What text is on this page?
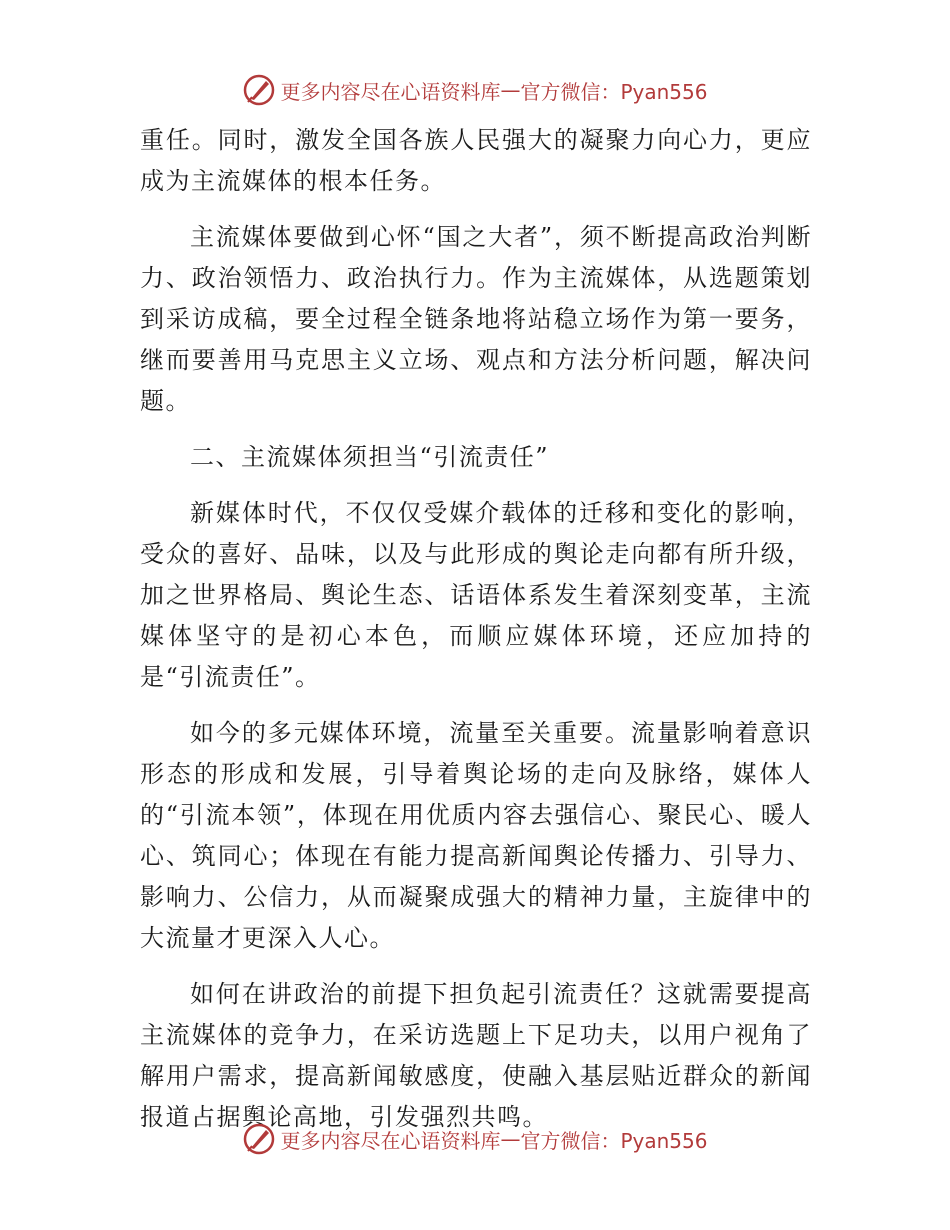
更多内容尽在心语资料库 — 官方微信：Pyan556

重任。同时，激发全国各族人民强大的凝聚力向心力，更应成为主流媒体的根本任务。

主流媒体要做到心怀“国之大者”，须不断提高政治判断力、政治领悟力、政治执行力。作为主流媒体，从选题策划到采访成稿，要全过程全链条地将站稳立场作为第一要务，继而要善用马克思主义立场、观点和方法分析问题，解决问题。

二、主流媒体须担当“引流责任”

新媒体时代，不仅仅受媒介载体的迁移和变化的影响，受众的喜好、品味，以及与此形成的舆论走向都有所升级，加之世界格局、舆论生态、话语体系发生着深刻变革，主流媒体坚守的是初心本色，而顺应媒体环境，还应加持的是“引流责任”。

如今的多元媒体环境，流量至关重要。流量影响着意识形态的形成和发展，引导着舆论场的走向及脉络，媒体人的“引流本领”，体现在用优质内容去强信心、聚民心、暖人心、筑同心；体现在有能力提高新闻舆论传播力、引导力、影响力、公信力，从而凝聚成强大的精神力量，主旋律中的大流量才更深入人心。

如何在讲政治的前提下担负起引流责任？这就需要提高主流媒体的竞争力，在采访选题上下足功夫，以用户视角了解用户需求，提高新闻敏感度，使融入基层贴近群众的新闻报道占据舆论高地，引发强烈共鸣。

更多内容尽在心语资料库 — 官方微信：Pyan556
